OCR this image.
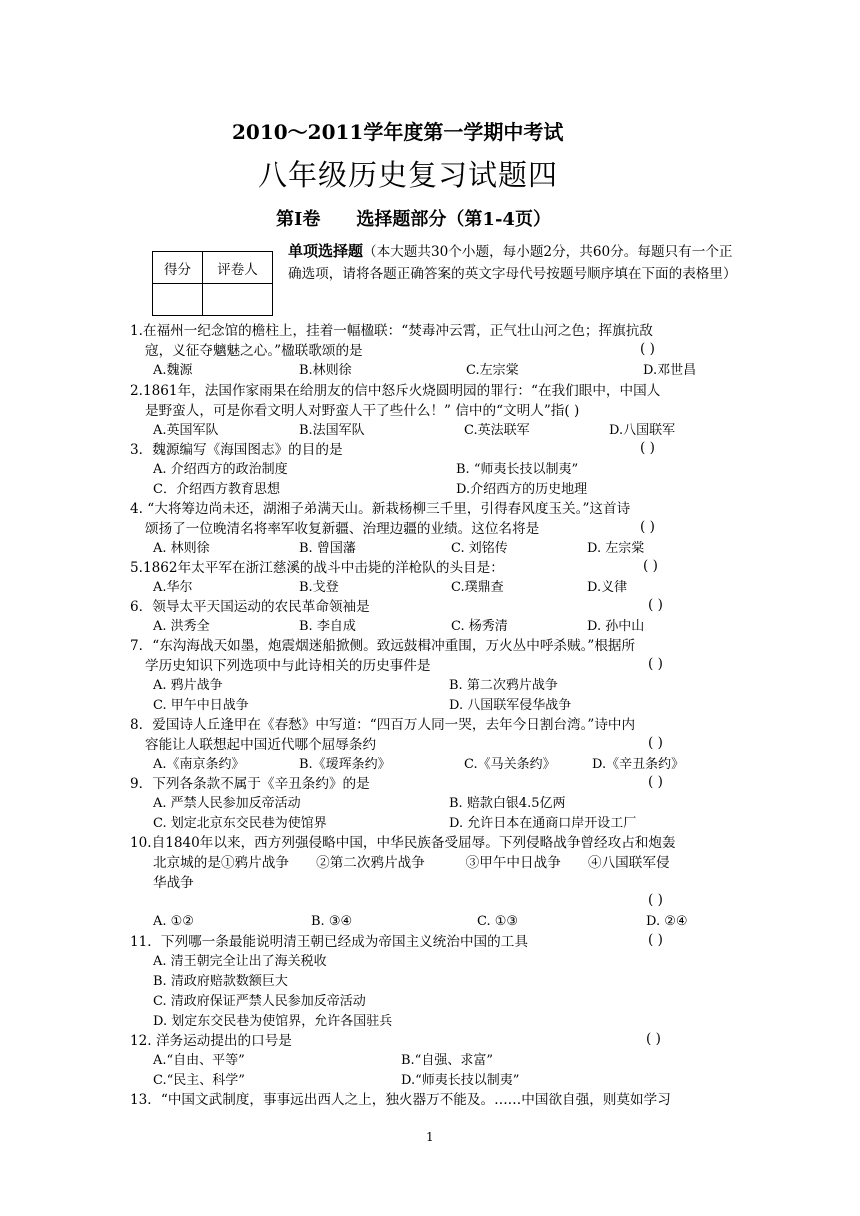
2010～2011学年度第一学期中考试
八年级历史复习试题四
第Ⅰ卷　　选择题部分（第1-4页）
得分	评卷人

单项选择题（本大题共30个小题，每小题2分，共60分。每题只有一个正确选项，请将各题正确答案的英文字母代号按题号顺序填在下面的表格里）
1.在福州一纪念馆的檐柱上，挂着一幅楹联：“焚毒冲云霄，正气壮山河之色；挥旗抗敌
寇，义征夺魑魅之心。”楹联歌颂的是	( )
A.魏源	B.林则徐	C.左宗棠	D.邓世昌
2.1861年，法国作家雨果在给朋友的信中怒斥火烧圆明园的罪行：“在我们眼中，中国人
是野蛮人，可是你看文明人对野蛮人干了些什么！” 信中的“文明人”指( )
A.英国军队	B.法国军队	C.英法联军	D.八国联军
3．魏源编写《海国图志》的目的是	( )
A. 介绍西方的政治制度	B. “师夷长技以制夷”
C．介绍西方教育思想	D.介绍西方的历史地理
4. “大将筹边尚未还，湖湘子弟满天山。新栽杨柳三千里，引得春风度玉关。”这首诗
颂扬了一位晚清名将率军收复新疆、治理边疆的业绩。这位名将是	( )
A. 林则徐	B. 曾国藩	C. 刘铭传	D. 左宗棠
5.1862年太平军在浙江慈溪的战斗中击毙的洋枪队的头目是：	( )
A.华尔	B.戈登	C.璞鼎查	D.义律
6．领导太平天国运动的农民革命领袖是	( )
A. 洪秀全	B. 李自成	C. 杨秀清	D. 孙中山
7．“东沟海战天如墨，炮震烟迷船掀侧。致远鼓楫冲重围，万火丛中呼杀贼。”根据所
学历史知识下列选项中与此诗相关的历史事件是	( )
A. 鸦片战争	B. 第二次鸦片战争
C. 甲午中日战争	D. 八国联军侵华战争
8．爱国诗人丘逢甲在《春愁》中写道：“四百万人同一哭，去年今日割台湾。”诗中内
容能让人联想起中国近代哪个屈辱条约	( )
A.《南京条约》	B.《瑷珲条约》	C.《马关条约》	D.《辛丑条约》
9．下列各条款不属于《辛丑条约》的是	( )
A. 严禁人民参加反帝活动	B. 赔款白银4.5亿两
C. 划定北京东交民巷为使馆界	D. 允许日本在通商口岸开设工厂
10.自1840年以来，西方列强侵略中国，中华民族备受屈辱。下列侵略战争曾经攻占和炮轰
北京城的是①鸦片战争　　②第二次鸦片战争　　　③甲午中日战争　　④八国联军侵
华战争
( )
A. ①②	B. ③④	C. ①③	D. ②④
11．下列哪一条最能说明清王朝已经成为帝国主义统治中国的工具	( )
A. 清王朝完全让出了海关税收
B. 清政府赔款数额巨大
C. 清政府保证严禁人民参加反帝活动
D. 划定东交民巷为使馆界，允许各国驻兵
12. 洋务运动提出的口号是	( )
A.“自由、平等”	B.“自强、求富”
C.“民主、科学”	D.“师夷长技以制夷”
13．“中国文武制度，事事远出西人之上，独火器万不能及。……中国欲自强，则莫如学习
1
